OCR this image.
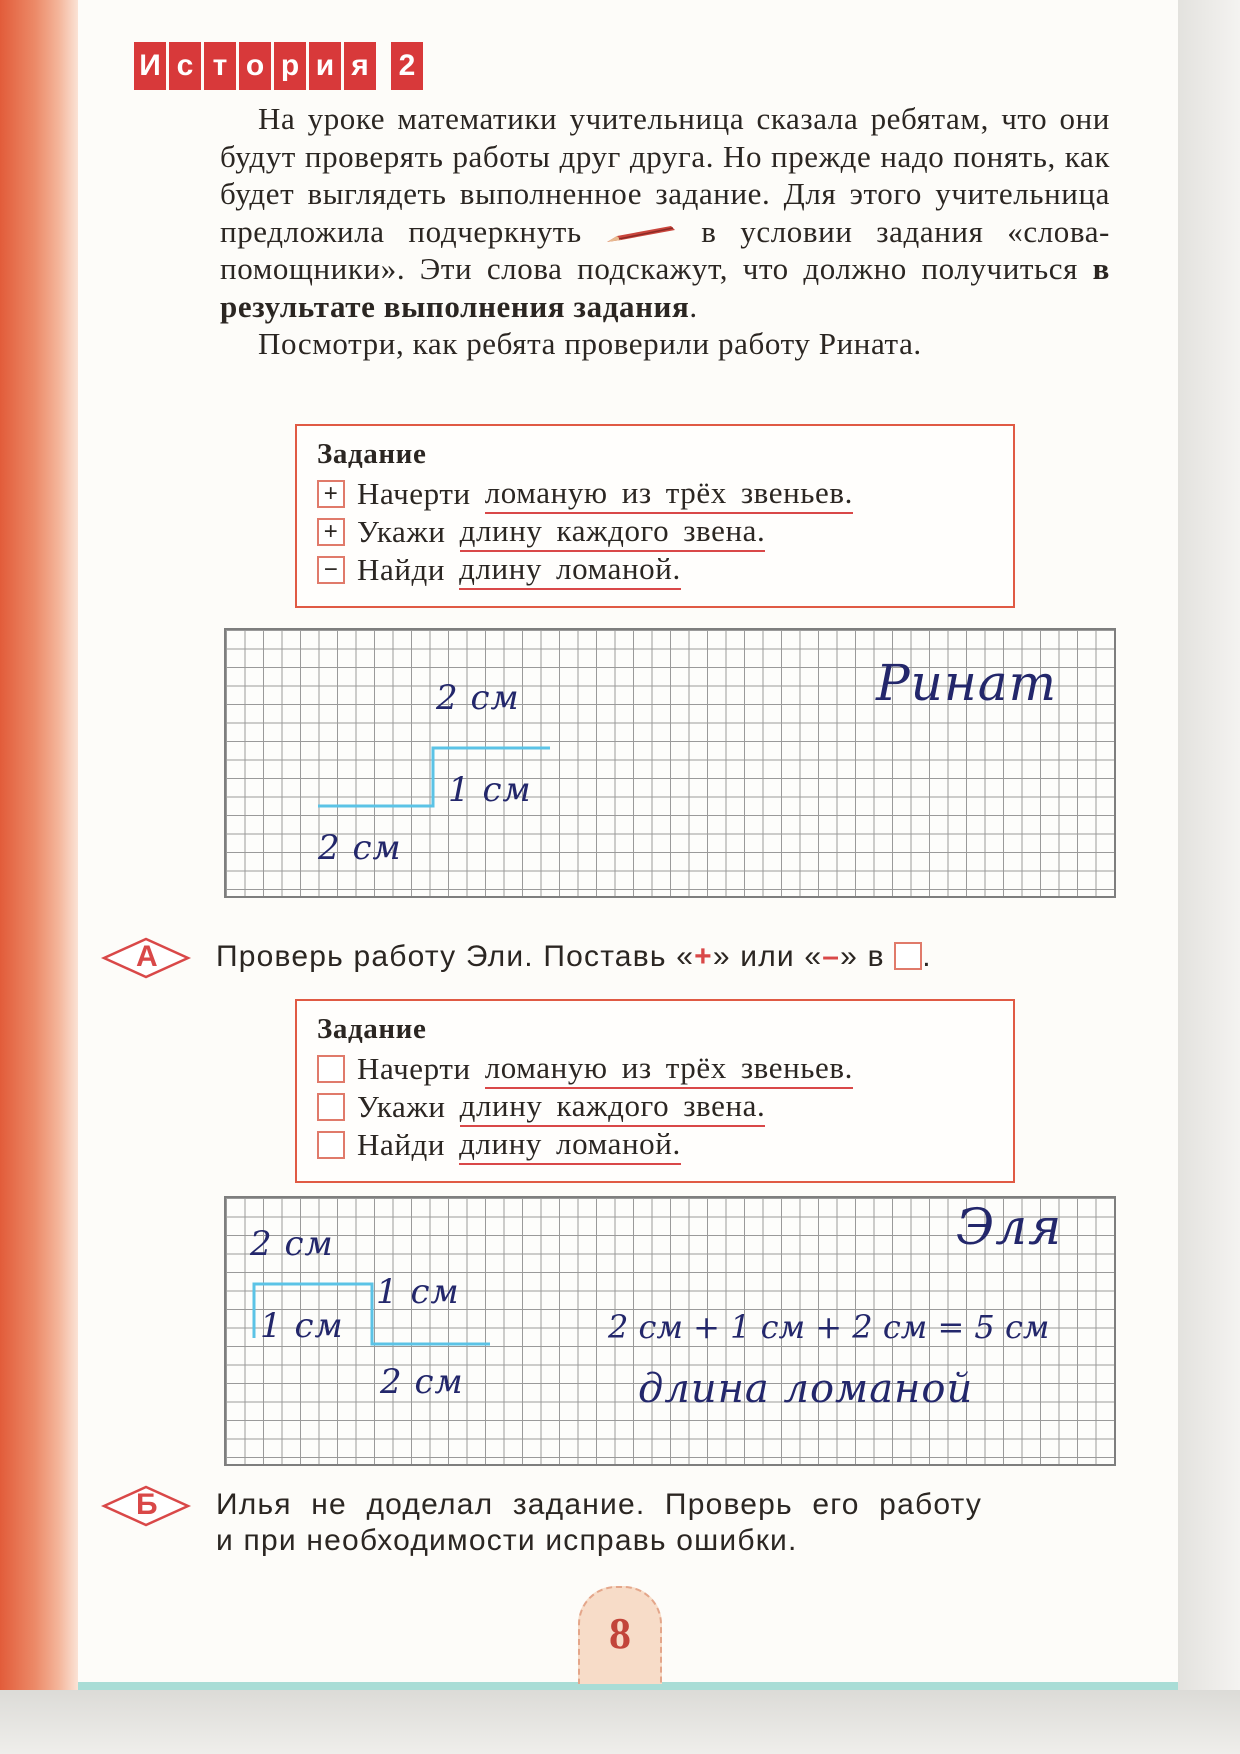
И с т о р и я 2

На уроке математики учительница сказала ребятам, что они будут проверять работы друг друга. Но прежде надо понять, как будет выглядеть выполненное задание. Для этого учительница предложила подчеркнуть	в условии задания «слова-помощники». Эти слова подскажут, что должно получиться в результате выполнения задания.

Посмотри, как ребята проверили работу Рината.

Задание
+ Начерти ломаную из трёх звеньев.
+ Укажи длину каждого звена.
− Найди длину ломаной.
2 см
1 см
2 см
Ринат
А Проверь работу Эли. Поставь «+» или «–» в .
Задание
Начерти ломаную из трёх звеньев.
Укажи длину каждого звена.
Найди длину ломаной.
2 см
1 см
1 см
2 см
Эля
2 см + 1 см + 2 см = 5 см
длина ломаной
Б Илья не доделал задание. Проверь его работу
и при необходимости исправь ошибки.
8
